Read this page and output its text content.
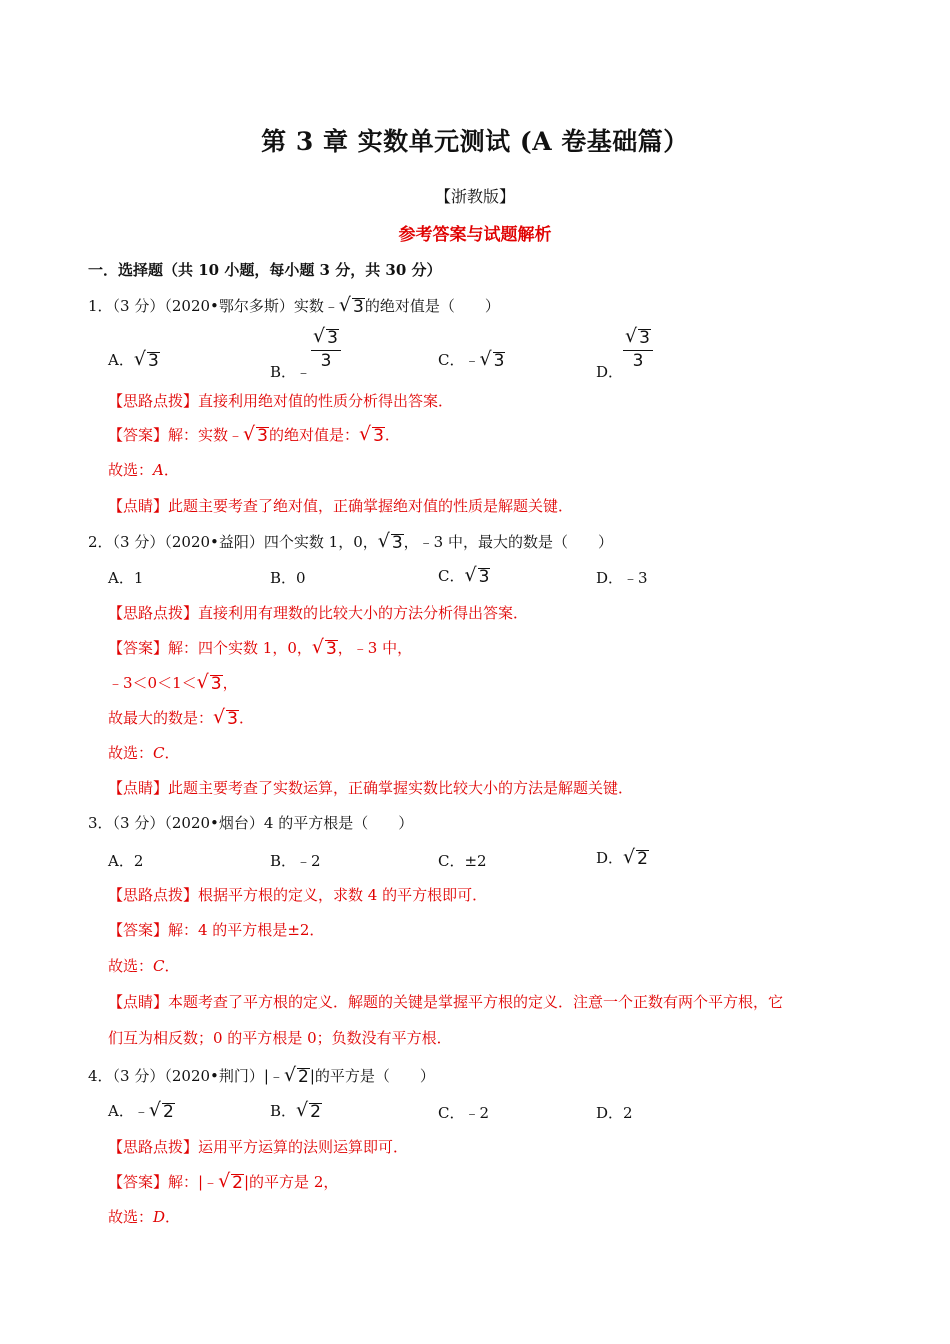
第 3 章 实数单元测试 (A 卷基础篇）
【浙教版】
参考答案与试题解析
一．选择题（共 10 小题，每小题 3 分，共 30 分）
1．（3 分）（2020•鄂尔多斯）实数﹣√ 3的绝对值是（　　）
A．√ 3
B．﹣
$\frac{√ 3}{3}$	C．﹣√ 3
D．
$\frac{√ 3}{3}$
【思路点拨】直接利用绝对值的性质分析得出答案．
【答案】解：实数﹣√ 3的绝对值是：√ 3．
故选：A．
【点睛】此题主要考查了绝对值，正确掌握绝对值的性质是解题关键．
2．（3 分）（2020•益阳）四个实数 1，0，√ 3，﹣3 中，最大的数是（　　）
A．1	B．0	C．√ 3	D．﹣3
【思路点拨】直接利用有理数的比较大小的方法分析得出答案．
【答案】解：四个实数 1，0，√ 3，﹣3 中，
﹣3＜0＜1＜√ 3，
故最大的数是：√ 3．
故选：C．
【点睛】此题主要考查了实数运算，正确掌握实数比较大小的方法是解题关键．
3．（3 分）（2020•烟台）4 的平方根是（　　）
A．2	B．﹣2	C．±2	D．√ 2
【思路点拨】根据平方根的定义，求数 4 的平方根即可．
【答案】解：4 的平方根是±2．
故选：C．
【点睛】本题考查了平方根的定义．解题的关键是掌握平方根的定义．注意一个正数有两个平方根，它
们互为相反数；0 的平方根是 0；负数没有平方根．
4．（3 分）（2020•荆门）|﹣√ 2|的平方是（　　）
A．﹣√ 2	B．√ 2	C．﹣2	D．2
【思路点拨】运用平方运算的法则运算即可．
【答案】解：|﹣√ 2|的平方是 2，
故选：D．
